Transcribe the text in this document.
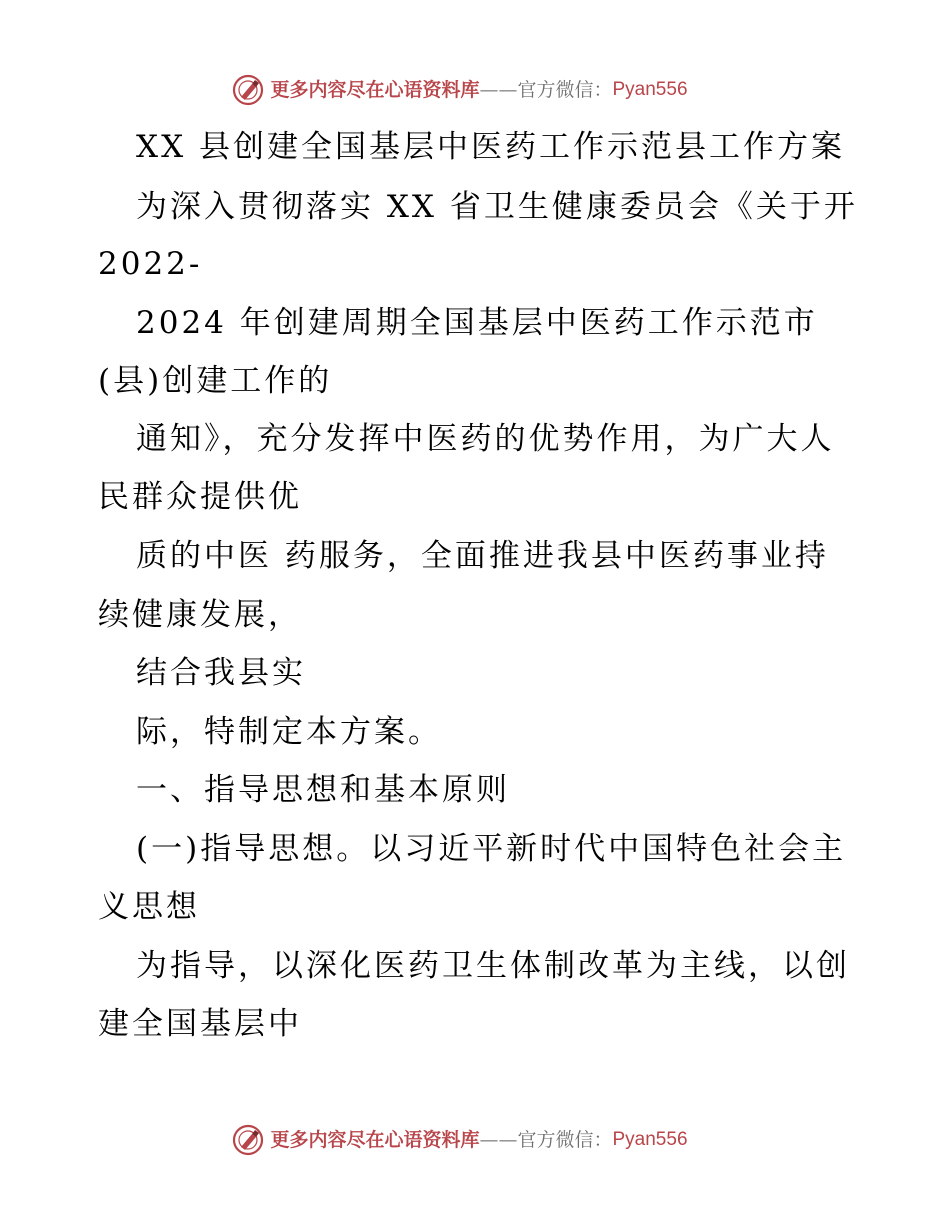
更多内容尽在心语资料库 —— 官方微信： Pyan556
XX 县创建全国基层中医药工作示范县工作方案
为深入贯彻落实 XX 省卫生健康委员会《关于开
2022-
2024 年创建周期全国基层中医药工作示范市
(县)创建工作的
通知》，充分发挥中医药的优势作用，为广大人
民群众提供优
质的中医 药服务，全面推进我县中医药事业持
续健康发展，
结合我县实
际，特制定本方案。
一、指导思想和基本原则
(一)指导思想。以习近平新时代中国特色社会主
义思想
为指导，以深化医药卫生体制改革为主线，以创
建全国基层中
更多内容尽在心语资料库 —— 官方微信： Pyan556
